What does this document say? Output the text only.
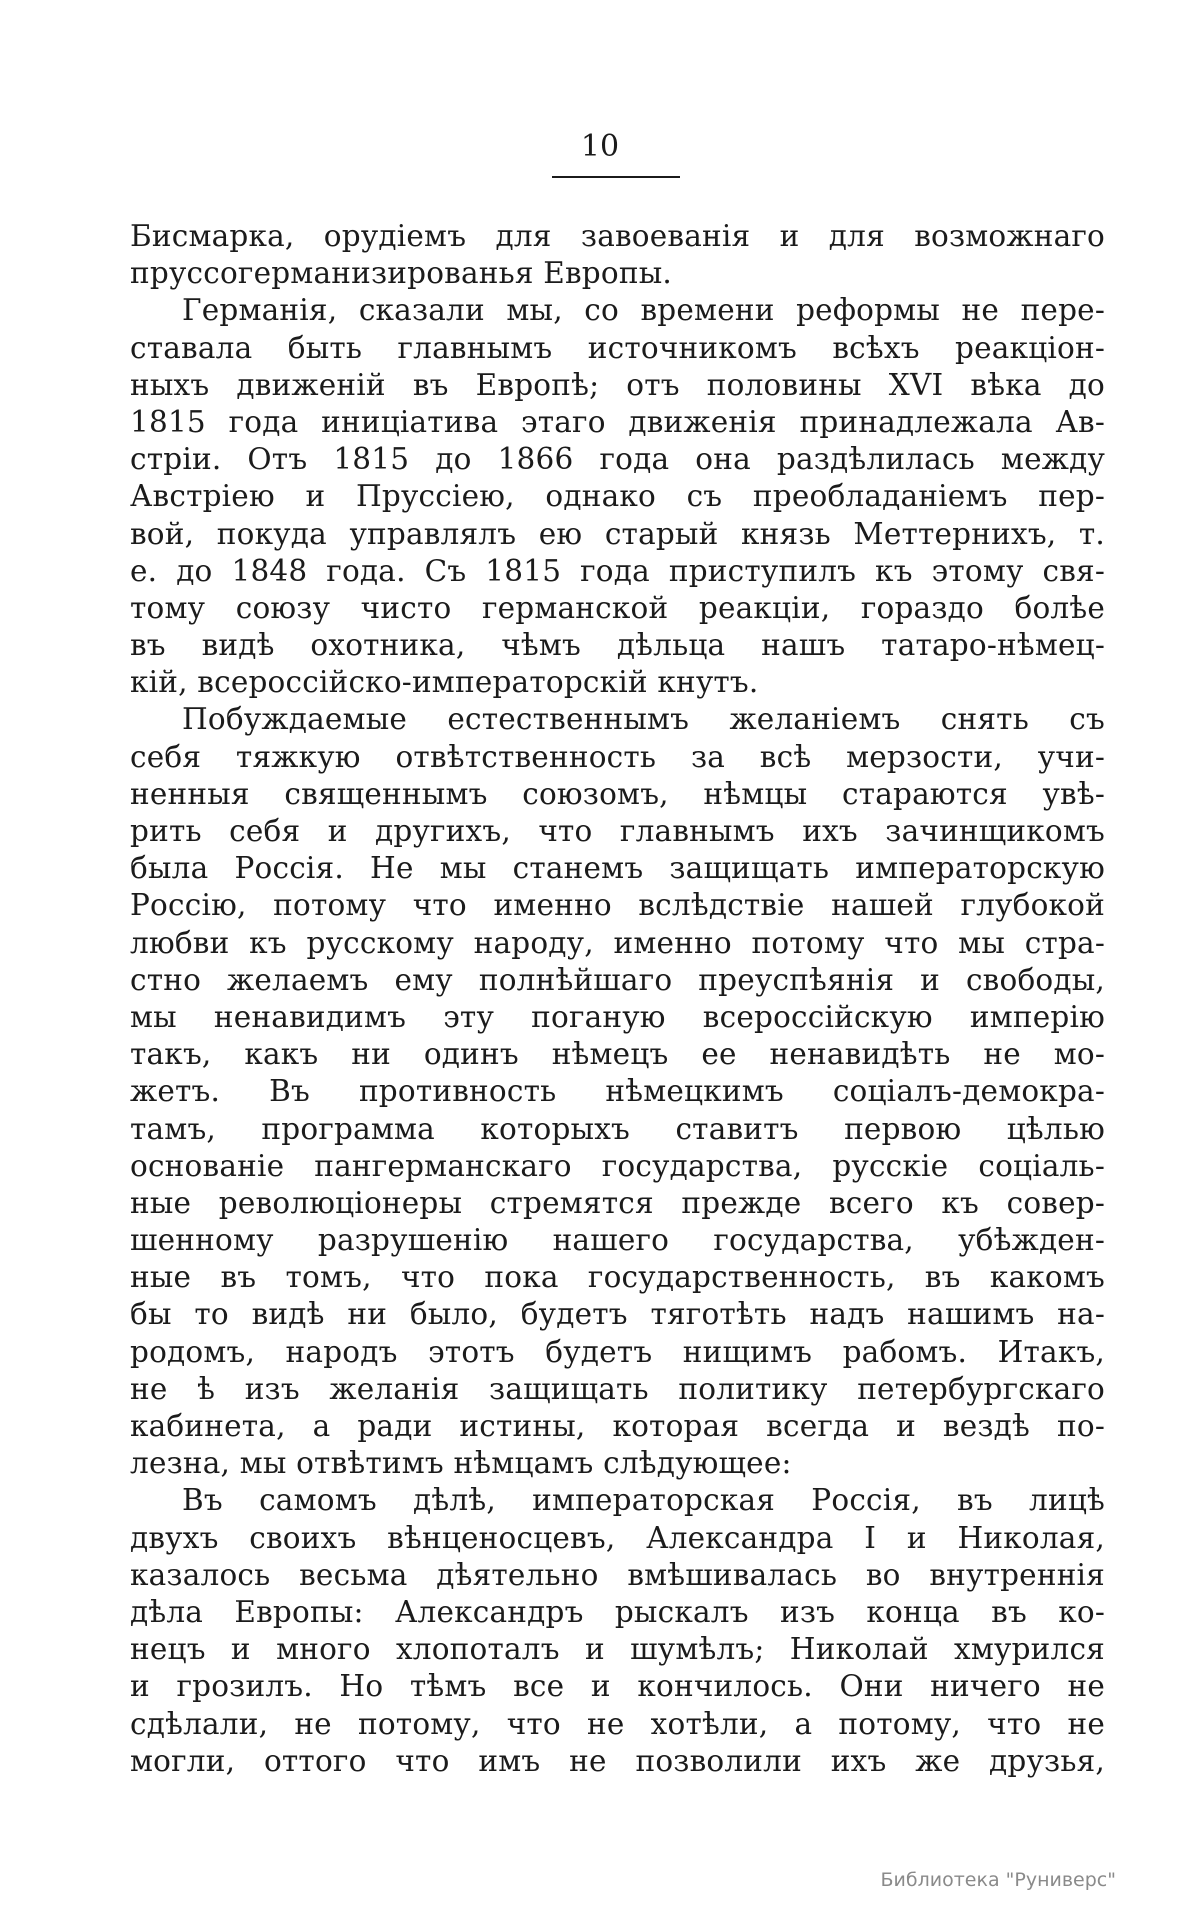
10
Бисмарка, орудіемъ для завоеванія и для возможнаго
пруссогерманизированья Европы.
Германія, сказали мы, со времени реформы не пере-
ставала быть главнымъ источникомъ всѣхъ реакціон-
ныхъ движеній въ Европѣ; отъ половины XVI вѣка до
1815 года иниціатива этаго движенія принадлежала Ав-
стріи. Отъ 1815 до 1866 года она раздѣлилась между
Австріею и Пруссіею, однако съ преобладаніемъ пер-
вой, покуда управлялъ ею старый князь Меттернихъ, т.
е. до 1848 года. Съ 1815 года приступилъ къ этому свя-
тому союзу чисто германской реакціи, гораздо болѣе
въ видѣ охотника, чѣмъ дѣльца нашъ татаро-нѣмец-
кій, всероссійско-императорскій кнутъ.
Побуждаемые естественнымъ желаніемъ снять съ
себя тяжкую отвѣтственность за всѣ мерзости, учи-
ненныя священнымъ союзомъ, нѣмцы стараются увѣ-
рить себя и другихъ, что главнымъ ихъ зачинщикомъ
была Россія. Не мы станемъ защищать императорскую
Россію, потому что именно вслѣдствіе нашей глубокой
любви къ русскому народу, именно потому что мы стра-
стно желаемъ ему полнѣйшаго преуспѣянія и свободы,
мы ненавидимъ эту поганую всероссійскую имперію
такъ, какъ ни одинъ нѣмецъ ее ненавидѣть не мо-
жетъ. Въ противность нѣмецкимъ соціалъ-демокра-
тамъ, программа которыхъ ставитъ первою цѣлью
основаніе пангерманскаго государства, русскіе соціаль-
ные революціонеры стремятся прежде всего къ совер-
шенному разрушенію нашего государства, убѣжден-
ные въ томъ, что пока государственность, въ какомъ
бы то видѣ ни было, будетъ тяготѣть надъ нашимъ на-
родомъ, народъ этотъ будетъ нищимъ рабомъ. Итакъ,
не ѣ изъ желанія защищать политику петербургскаго
кабинета, а ради истины, которая всегда и вездѣ по-
лезна, мы отвѣтимъ нѣмцамъ слѣдующее:
Въ самомъ дѣлѣ, императорская Россія, въ лицѣ
двухъ своихъ вѣнценосцевъ, Александра I и Николая,
казалось весьма дѣятельно вмѣшивалась во внутреннія
дѣла Европы: Александръ рыскалъ изъ конца въ ко-
нецъ и много хлопоталъ и шумѣлъ; Николай хмурился
и грозилъ. Но тѣмъ все и кончилось. Они ничего не
сдѣлали, не потому, что не хотѣли, а потому, что не
могли, оттого что имъ не позволили ихъ же друзья,
Библиотека "Руниверс"
